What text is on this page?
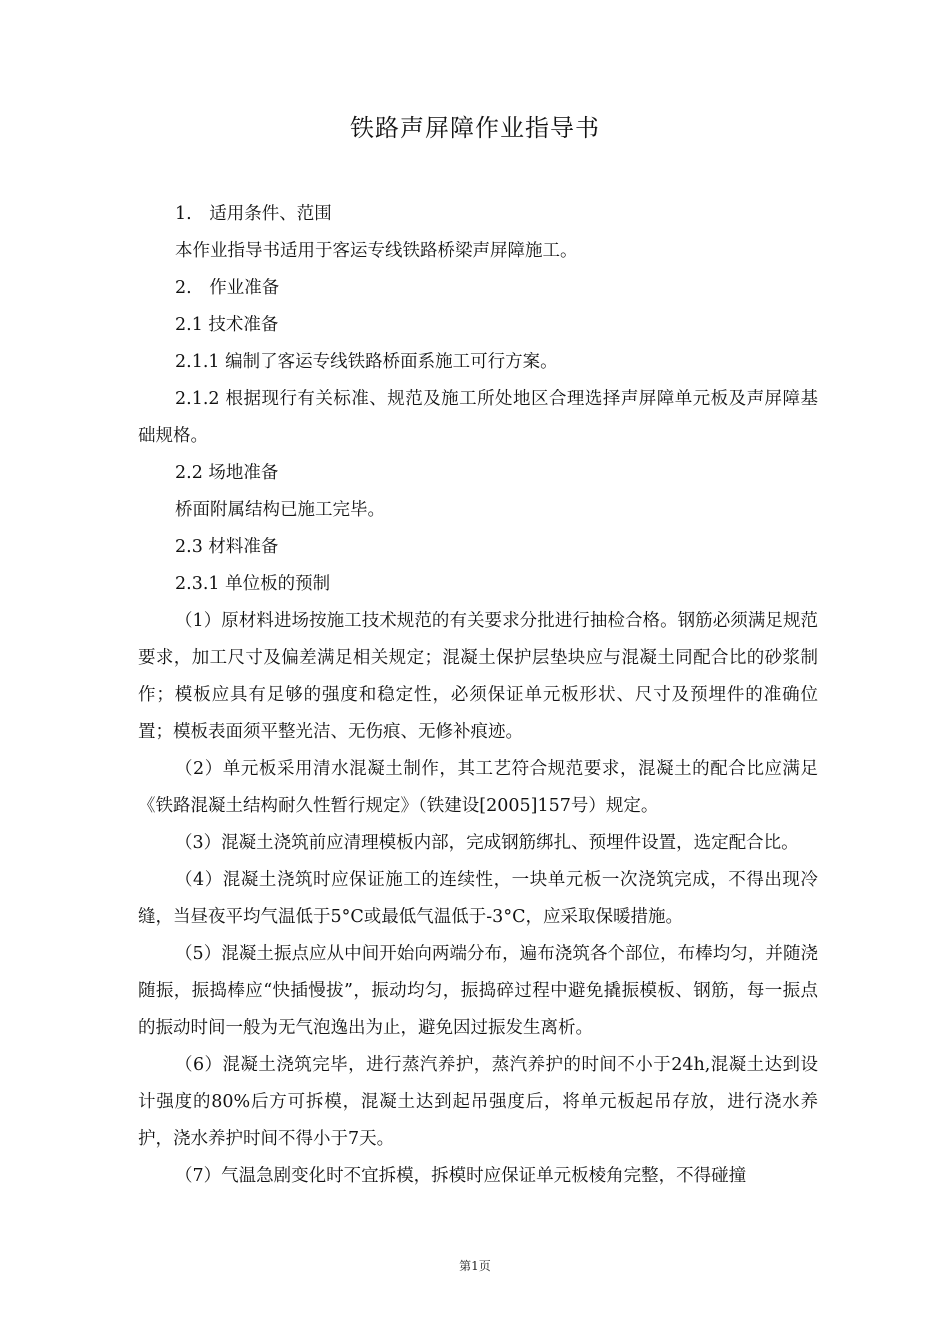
铁路声屏障作业指导书

1.　适用条件、范围

本作业指导书适用于客运专线铁路桥梁声屏障施工。

2.　作业准备

2.1 技术准备

2.1.1 编制了客运专线铁路桥面系施工可行方案。

2.1.2 根据现行有关标准、规范及施工所处地区合理选择声屏障单元板及声屏障基础规格。

2.2 场地准备

桥面附属结构已施工完毕。

2.3 材料准备

2.3.1 单位板的预制

（1）原材料进场按施工技术规范的有关要求分批进行抽检合格。钢筋必须满足规范要求，加工尺寸及偏差满足相关规定；混凝土保护层垫块应与混凝土同配合比的砂浆制作；模板应具有足够的强度和稳定性，必须保证单元板形状、尺寸及预埋件的准确位置；模板表面须平整光洁、无伤痕、无修补痕迹。

（2）单元板采用清水混凝土制作，其工艺符合规范要求，混凝土的配合比应满足《铁路混凝土结构耐久性暂行规定》（铁建设[2005]157号）规定。

（3）混凝土浇筑前应清理模板内部，完成钢筋绑扎、预埋件设置，选定配合比。

（4）混凝土浇筑时应保证施工的连续性，一块单元板一次浇筑完成，不得出现冷缝，当昼夜平均气温低于5°C或最低气温低于-3°C，应采取保暖措施。

（5）混凝土振点应从中间开始向两端分布，遍布浇筑各个部位，布棒均匀，并随浇随振，振捣棒应“快插慢拔”，振动均匀，振捣碎过程中避免撬振模板、钢筋，每一振点的振动时间一般为无气泡逸出为止，避免因过振发生离析。

（6）混凝土浇筑完毕，进行蒸汽养护，蒸汽养护的时间不小于24h,混凝土达到设计强度的80%后方可拆模，混凝土达到起吊强度后，将单元板起吊存放，进行浇水养护，浇水养护时间不得小于7天。

（7）气温急剧变化时不宜拆模，拆模时应保证单元板棱角完整，不得碰撞

第1页
